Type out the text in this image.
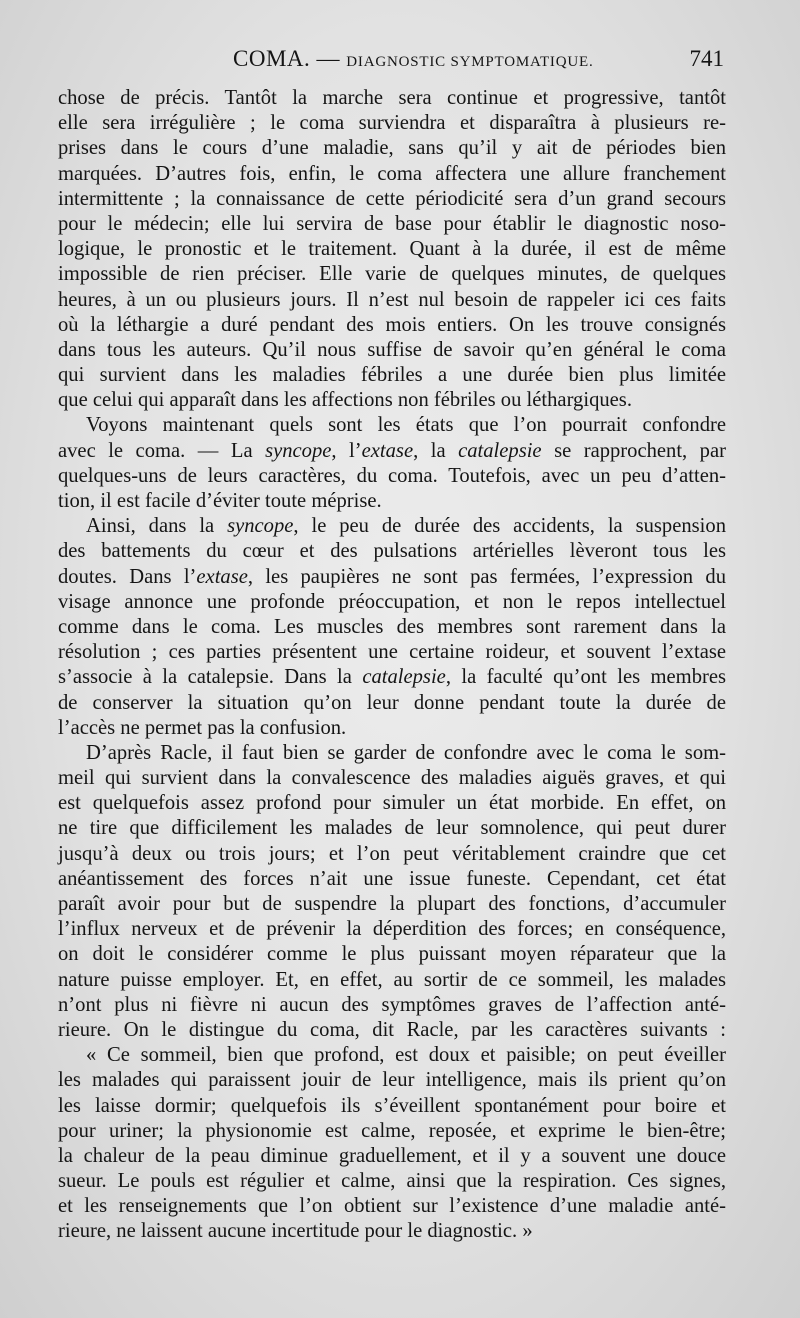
COMA. — DIAGNOSTIC SYMPTOMATIQUE.	741
chose de précis. Tantôt la marche sera continue et progressive, tantôt
elle sera irrégulière ; le coma surviendra et disparaîtra à plusieurs re-
prises dans le cours d’une maladie, sans qu’il y ait de périodes bien
marquées. D’autres fois, enfin, le coma affectera une allure franchement
intermittente ; la connaissance de cette périodicité sera d’un grand secours
pour le médecin; elle lui servira de base pour établir le diagnostic noso-
logique, le pronostic et le traitement. Quant à la durée, il est de même
impossible de rien préciser. Elle varie de quelques minutes, de quelques
heures, à un ou plusieurs jours. Il n’est nul besoin de rappeler ici ces faits
où la léthargie a duré pendant des mois entiers. On les trouve consignés
dans tous les auteurs. Qu’il nous suffise de savoir qu’en général le coma
qui survient dans les maladies fébriles a une durée bien plus limitée
que celui qui apparaît dans les affections non fébriles ou léthargiques.
Voyons maintenant quels sont les états que l’on pourrait confondre
avec le coma. — La syncope, l’extase, la catalepsie se rapprochent, par
quelques-uns de leurs caractères, du coma. Toutefois, avec un peu d’atten-
tion, il est facile d’éviter toute méprise.
Ainsi, dans la syncope, le peu de durée des accidents, la suspension
des battements du cœur et des pulsations artérielles lèveront tous les
doutes. Dans l’extase, les paupières ne sont pas fermées, l’expression du
visage annonce une profonde préoccupation, et non le repos intellectuel
comme dans le coma. Les muscles des membres sont rarement dans la
résolution ; ces parties présentent une certaine roideur, et souvent l’extase
s’associe à la catalepsie. Dans la catalepsie, la faculté qu’ont les membres
de conserver la situation qu’on leur donne pendant toute la durée de
l’accès ne permet pas la confusion.
D’après Racle, il faut bien se garder de confondre avec le coma le som-
meil qui survient dans la convalescence des maladies aiguës graves, et qui
est quelquefois assez profond pour simuler un état morbide. En effet, on
ne tire que difficilement les malades de leur somnolence, qui peut durer
jusqu’à deux ou trois jours; et l’on peut véritablement craindre que cet
anéantissement des forces n’ait une issue funeste. Cependant, cet état
paraît avoir pour but de suspendre la plupart des fonctions, d’accumuler
l’influx nerveux et de prévenir la déperdition des forces; en conséquence,
on doit le considérer comme le plus puissant moyen réparateur que la
nature puisse employer. Et, en effet, au sortir de ce sommeil, les malades
n’ont plus ni fièvre ni aucun des symptômes graves de l’affection anté-
rieure. On le distingue du coma, dit Racle, par les caractères suivants :
« Ce sommeil, bien que profond, est doux et paisible; on peut éveiller
les malades qui paraissent jouir de leur intelligence, mais ils prient qu’on
les laisse dormir; quelquefois ils s’éveillent spontanément pour boire et
pour uriner; la physionomie est calme, reposée, et exprime le bien-être;
la chaleur de la peau diminue graduellement, et il y a souvent une douce
sueur. Le pouls est régulier et calme, ainsi que la respiration. Ces signes,
et les renseignements que l’on obtient sur l’existence d’une maladie anté-
rieure, ne laissent aucune incertitude pour le diagnostic. »
